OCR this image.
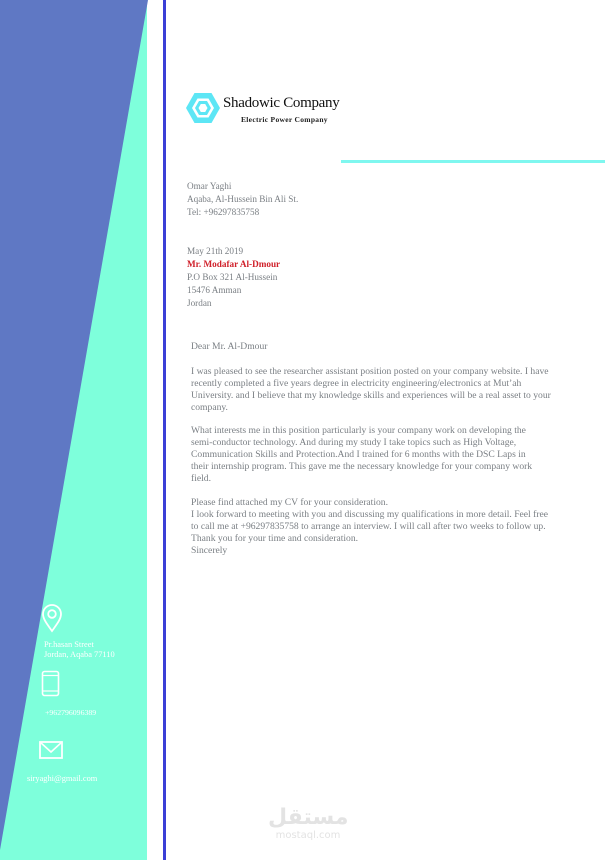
Shadowic Company
Electric Power Company
Omar Yaghi
Aqaba, Al-Hussein Bin Ali St.
Tel: +96297835758
May 21th 2019
Mr. Modafar Al-Dmour
P.O Box 321 Al-Hussein
15476 Amman
Jordan

Dear Mr. Al-Dmour

I was pleased to see the researcher assistant position posted on your company website. I have

recently completed a five years degree in electricity engineering/electronics at Mut’ah

University. and I believe that my knowledge skills and experiences will be a real asset to your

company.

What interests me in this position particularly is your company work on developing the

semi-conductor technology. And during my study I take topics such as High Voltage,

Communication Skills and Protection.And I trained for 6 months with the DSC Laps in

their internship program. This gave me the necessary knowledge for your company work

field.

Please find attached my CV for your consideration.

I look forward to meeting with you and discussing my qualifications in more detail. Feel free

to call me at +96297835758 to arrange an interview. I will call after two weeks to follow up.

Thank you for your time and consideration.

Sincerely

Pr.hasan Street
Jordan, Aqaba 77110
+962796096389
siryaghi@gmail.com
مستقل
mostaql.com
